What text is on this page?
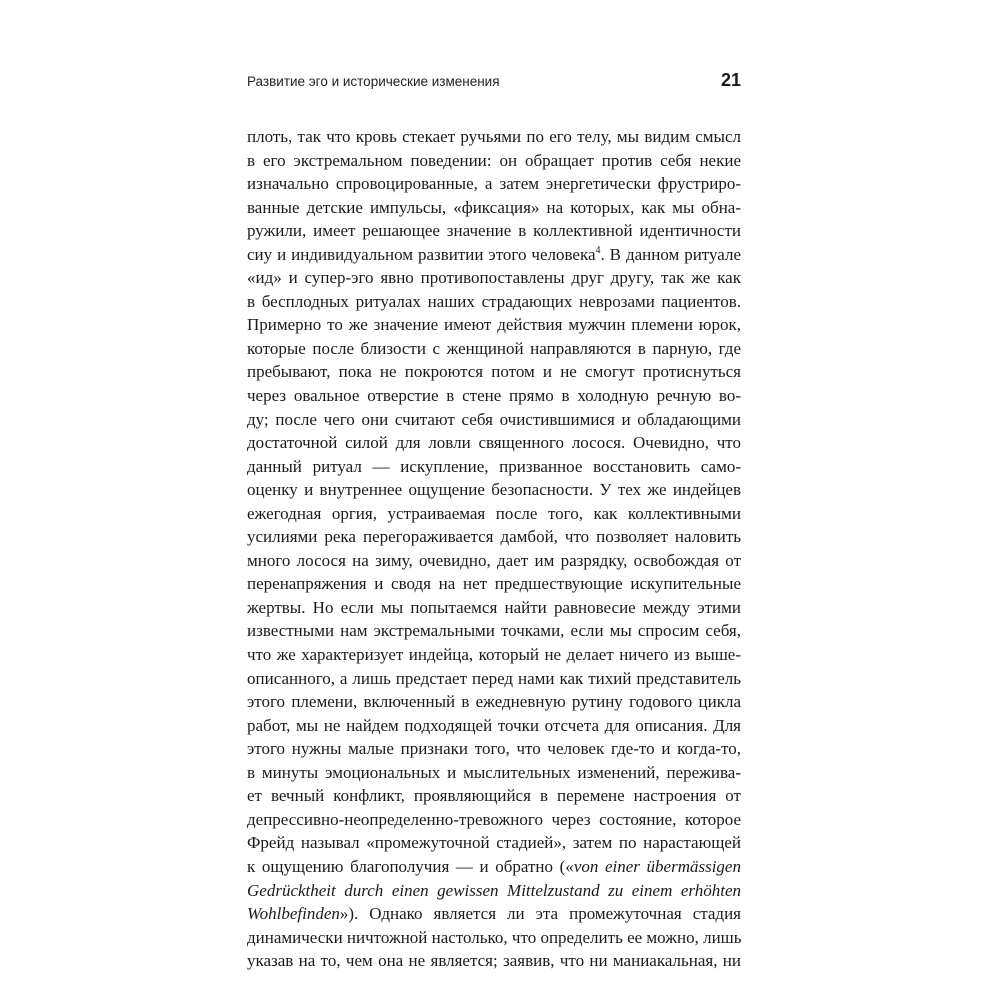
Развитие эго и исторические изменения	21
плоть, так что кровь стекает ручьями по его телу, мы видим смысл
в его экстремальном поведении: он обращает против себя некие
изначально спровоцированные, а затем энергетически фрустриро-
ванные детские импульсы, «фиксация» на которых, как мы обна-
ружили, имеет решающее значение в коллективной идентичности
сиу и индивидуальном развитии этого человека$^4$. В данном ритуале
«ид» и супер-эго явно противопоставлены друг другу, так же как
в бесплодных ритуалах наших страдающих неврозами пациентов.
Примерно то же значение имеют действия мужчин племени юрок,
которые после близости с женщиной направляются в парную, где
пребывают, пока не покроются потом и не смогут протиснуться
через овальное отверстие в стене прямо в холодную речную во-
ду; после чего они считают себя очистившимися и обладающими
достаточной силой для ловли священного лосося. Очевидно, что
данный ритуал — искупление, призванное восстановить само-
оценку и внутреннее ощущение безопасности. У тех же индейцев
ежегодная оргия, устраиваемая после того, как коллективными
усилиями река перегораживается дамбой, что позволяет наловить
много лосося на зиму, очевидно, дает им разрядку, освобождая от
перенапряжения и сводя на нет предшествующие искупительные
жертвы. Но если мы попытаемся найти равновесие между этими
известными нам экстремальными точками, если мы спросим себя,
что же характеризует индейца, который не делает ничего из выше-
описанного, а лишь предстает перед нами как тихий представитель
этого племени, включенный в ежедневную рутину годового цикла
работ, мы не найдем подходящей точки отсчета для описания. Для
этого нужны малые признаки того, что человек где-то и когда-то,
в минуты эмоциональных и мыслительных изменений, пережива-
ет вечный конфликт, проявляющийся в перемене настроения от
депрессивно-неопределенно-тревожного через состояние, которое
Фрейд называл «промежуточной стадией», затем по нарастающей
к ощущению благополучия — и обратно («von einer übermässigen
Gedrücktheit durch einen gewissen Mittelzustand zu einem erhöhten
Wohlbefinden»). Однако является ли эта промежуточная стадия
динамически ничтожной настолько, что определить ее можно, лишь
указав на то, чем она не является; заявив, что ни маниакальная, ни
